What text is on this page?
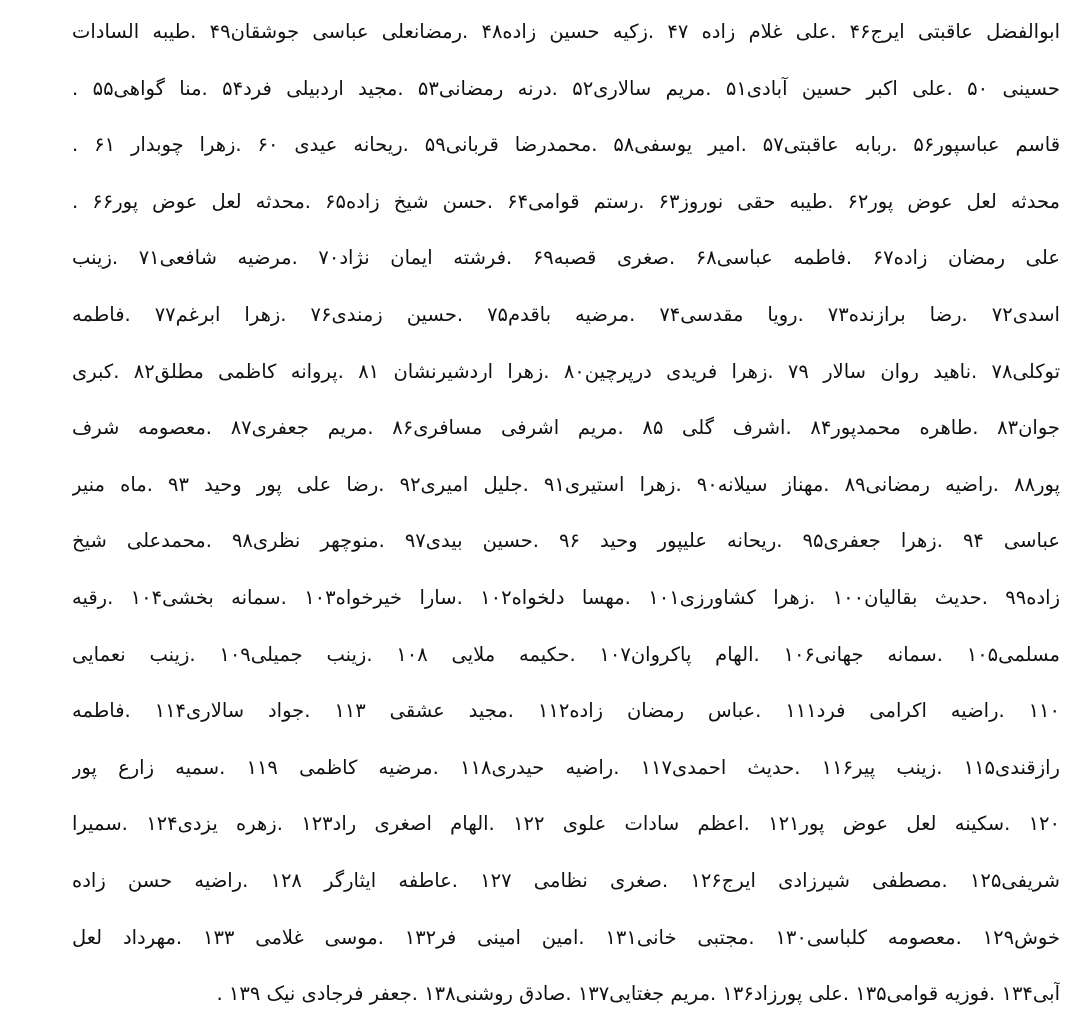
ابوالفضل عاقبتی ایرج۴۶ .علی غلام زاده ۴۷ .زکیه حسین زاده۴۸ .رمضانعلی عباسی جوشقان۴۹ .طیبه السادات
حسینی ۵۰ .علی اکبر حسین آبادی۵۱ .مریم سالاری۵۲ .درنه رمضانی۵۳ .مجید اردبیلی فرد۵۴ .منا گواهی۵۵ .
قاسم عباسپور۵۶ .ربابه عاقبتی۵۷ .امیر یوسفی۵۸ .محمدرضا قربانی۵۹ .ریحانه عیدی ۶۰ .زهرا چوبدار ۶۱ .
محدثه لعل عوض پور۶۲ .طیبه حقی نوروز۶۳ .رستم قوامی۶۴ .حسن شیخ زاده۶۵ .محدثه لعل عوض پور۶۶ .
علی رمضان زاده۶۷ .فاطمه عباسی۶۸ .صغری قصبه۶۹ .فرشته ایمان نژاد۷۰ .مرضیه شافعی۷۱ .زینب
اسدی۷۲ .رضا برازنده۷۳ .رویا مقدسی۷۴ .مرضیه باقدم۷۵ .حسین زمندی۷۶ .زهرا ابرغم۷۷ .فاطمه
توکلی۷۸ .ناهید روان سالار ۷۹ .زهرا فریدی درپرچین۸۰ .زهرا اردشیرنشان ۸۱ .پروانه کاظمی مطلق۸۲ .کبری
جوان۸۳ .طاهره محمدپور۸۴ .اشرف گلی ۸۵ .مریم اشرفی مسافری۸۶ .مریم جعفری۸۷ .معصومه شرف
پور۸۸ .راضیه رمضانی۸۹ .مهناز سیلانه۹۰ .زهرا استیری۹۱ .جلیل امیری۹۲ .رضا علی پور وحید ۹۳ .ماه منیر
عباسی ۹۴ .زهرا جعفری۹۵ .ریحانه علیپور وحید ۹۶ .حسین بیدی۹۷ .منوچهر نظری۹۸ .محمدعلی شیخ
زاده۹۹ .حدیث بقالیان۱۰۰ .زهرا کشاورزی۱۰۱ .مهسا دلخواه۱۰۲ .سارا خیرخواه۱۰۳ .سمانه بخشی۱۰۴ .رقیه
مسلمی۱۰۵ .سمانه جهانی۱۰۶ .الهام پاکروان۱۰۷ .حکیمه ملایی ۱۰۸ .زینب جمیلی۱۰۹ .زینب نعمایی
۱۱۰ .راضیه اکرامی فرد۱۱۱ .عباس رمضان زاده۱۱۲ .مجید عشقی ۱۱۳ .جواد سالاری۱۱۴ .فاطمه
رازقندی۱۱۵ .زینب پیر۱۱۶ .حدیث احمدی۱۱۷ .راضیه حیدری۱۱۸ .مرضیه کاظمی ۱۱۹ .سمیه زارع پور
۱۲۰ .سکینه لعل عوض پور۱۲۱ .اعظم سادات علوی ۱۲۲ .الهام اصغری راد۱۲۳ .زهره یزدی۱۲۴ .سمیرا
شریفی۱۲۵ .مصطفی شیرزادی ایرج۱۲۶ .صغری نظامی ۱۲۷ .عاطفه ایثارگر ۱۲۸ .راضیه حسن زاده
خوش۱۲۹ .معصومه کلباسی۱۳۰ .مجتبی خانی۱۳۱ .امین امینی فر۱۳۲ .موسی غلامی ۱۳۳ .مهرداد لعل
آبی۱۳۴ .فوزیه قوامی۱۳۵ .علی پورزاد۱۳۶ .مریم جغتایی۱۳۷ .صادق روشنی۱۳۸ .جعفر فرجادی نیک ۱۳۹ .
